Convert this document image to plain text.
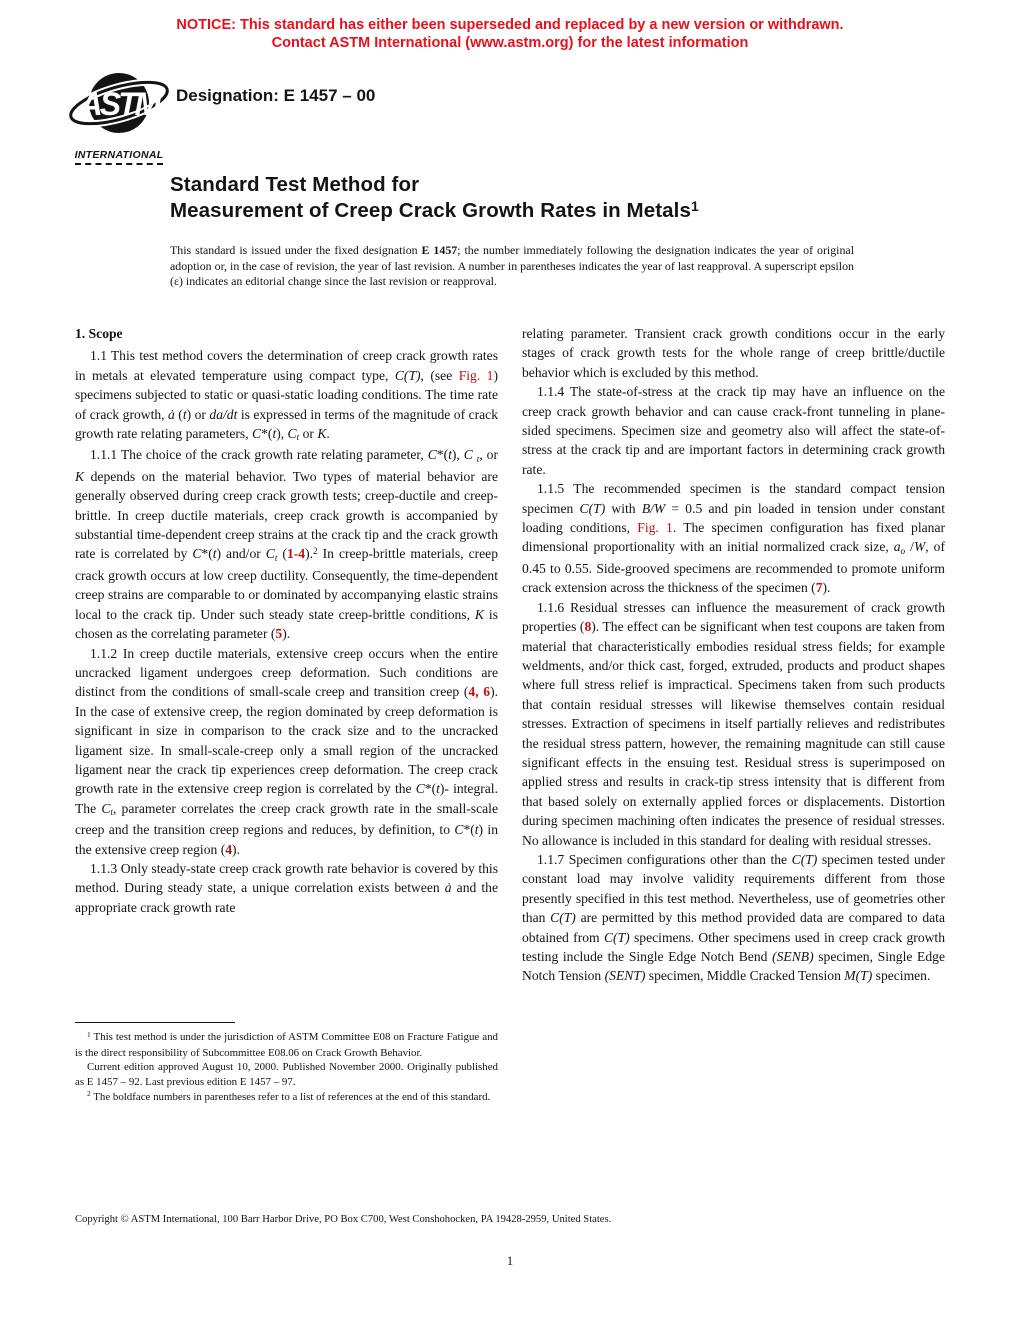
NOTICE: This standard has either been superseded and replaced by a new version or withdrawn.
Contact ASTM International (www.astm.org) for the latest information
ASTM
INTERNATIONAL
Designation: E 1457 – 00
Standard Test Method for
Measurement of Creep Crack Growth Rates in Metals$^1$
This standard is issued under the fixed designation E 1457; the number immediately following the designation indicates the year of original adoption or, in the case of revision, the year of last revision. A number in parentheses indicates the year of last reapproval. A superscript epsilon (ε) indicates an editorial change since the last revision or reapproval.

1. Scope

1.1 This test method covers the determination of creep crack growth rates in metals at elevated temperature using compact type, C(T), (see Fig. 1) specimens subjected to static or quasi-static loading conditions. The time rate of crack growth, ȧ (t) or da/dt is expressed in terms of the magnitude of crack growth rate relating parameters, C*(t), Ct or K.

1.1.1 The choice of the crack growth rate relating parameter, C*(t), C t, or K depends on the material behavior. Two types of material behavior are generally observed during creep crack growth tests; creep-ductile and creep-brittle. In creep ductile materials, creep crack growth is accompanied by substantial time-dependent creep strains at the crack tip and the crack growth rate is correlated by C*(t) and/or Ct (1-4).$^2$ In creep-brittle materials, creep crack growth occurs at low creep ductility. Consequently, the time-dependent creep strains are comparable to or dominated by accompanying elastic strains local to the crack tip. Under such steady state creep-brittle conditions, K is chosen as the correlating parameter (5).

1.1.2 In creep ductile materials, extensive creep occurs when the entire uncracked ligament undergoes creep deformation. Such conditions are distinct from the conditions of small-scale creep and transition creep (4, 6). In the case of extensive creep, the region dominated by creep deformation is significant in size in comparison to the crack size and to the uncracked ligament size. In small-scale-creep only a small region of the uncracked ligament near the crack tip experiences creep deformation. The creep crack growth rate in the extensive creep region is correlated by the C*(t)- integral. The Ct, parameter correlates the creep crack growth rate in the small-scale creep and the transition creep regions and reduces, by definition, to C*(t) in the extensive creep region (4).

1.1.3 Only steady-state creep crack growth rate behavior is covered by this method. During steady state, a unique correlation exists between ȧ and the appropriate crack growth rate

relating parameter. Transient crack growth conditions occur in the early stages of crack growth tests for the whole range of creep brittle/ductile behavior which is excluded by this method.

1.1.4 The state-of-stress at the crack tip may have an influence on the creep crack growth behavior and can cause crack-front tunneling in plane-sided specimens. Specimen size and geometry also will affect the state-of-stress at the crack tip and are important factors in determining crack growth rate.

1.1.5 The recommended specimen is the standard compact tension specimen C(T) with B/W = 0.5 and pin loaded in tension under constant loading conditions, Fig. 1. The specimen configuration has fixed planar dimensional proportionality with an initial normalized crack size, ao /W, of 0.45 to 0.55. Side-grooved specimens are recommended to promote uniform crack extension across the thickness of the specimen (7).

1.1.6 Residual stresses can influence the measurement of crack growth properties (8). The effect can be significant when test coupons are taken from material that characteristically embodies residual stress fields; for example weldments, and/or thick cast, forged, extruded, products and product shapes where full stress relief is impractical. Specimens taken from such products that contain residual stresses will likewise themselves contain residual stresses. Extraction of specimens in itself partially relieves and redistributes the residual stress pattern, however, the remaining magnitude can still cause significant effects in the ensuing test. Residual stress is superimposed on applied stress and results in crack-tip stress intensity that is different from that based solely on externally applied forces or displacements. Distortion during specimen machining often indicates the presence of residual stresses. No allowance is included in this standard for dealing with residual stresses.

1.1.7 Specimen configurations other than the C(T) specimen tested under constant load may involve validity requirements different from those presently specified in this test method. Nevertheless, use of geometries other than C(T) are permitted by this method provided data are compared to data obtained from C(T) specimens. Other specimens used in creep crack growth testing include the Single Edge Notch Bend (SENB) specimen, Single Edge Notch Tension (SENT) specimen, Middle Cracked Tension M(T) specimen.

$^1$ This test method is under the jurisdiction of ASTM Committee E08 on Fracture Fatigue and is the direct responsibility of Subcommittee E08.06 on Crack Growth Behavior.

Current edition approved August 10, 2000. Published November 2000. Originally published as E 1457 – 92. Last previous edition E 1457 – 97.

$^2$ The boldface numbers in parentheses refer to a list of references at the end of this standard.

Copyright © ASTM International, 100 Barr Harbor Drive, PO Box C700, West Conshohocken, PA 19428-2959, United States.
1
